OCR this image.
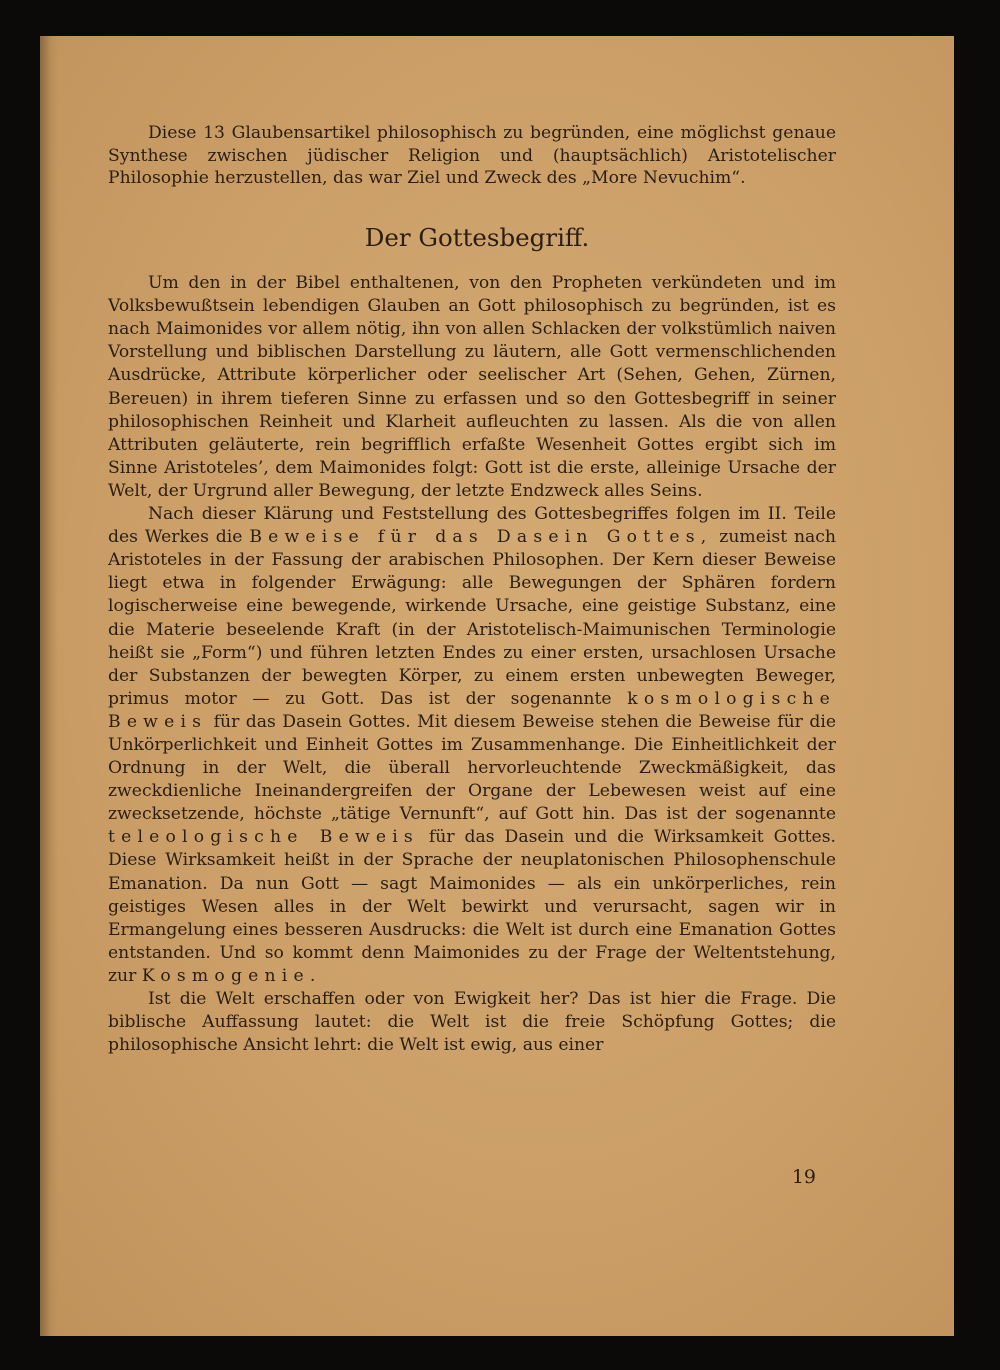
Diese 13 Glaubensartikel philosophisch zu begründen, eine möglichst genaue Synthese zwischen jüdischer Religion und (hauptsächlich) Aristotelischer Philosophie herzustellen, das war Ziel und Zweck des „More Nevuchim“.

Der Gottesbegriff.

Um den in der Bibel enthaltenen, von den Propheten verkündeten und im Volksbewußtsein lebendigen Glauben an Gott philosophisch zu begründen, ist es nach Maimonides vor allem nötig, ihn von allen Schlacken der volkstümlich naiven Vorstellung und biblischen Darstellung zu läutern, alle Gott vermenschlichenden Ausdrücke, Attribute körperlicher oder seelischer Art (Sehen, Gehen, Zürnen, Bereuen) in ihrem tieferen Sinne zu erfassen und so den Gottesbegriff in seiner philosophischen Reinheit und Klarheit aufleuchten zu lassen. Als die von allen Attributen geläuterte, rein begrifflich erfaßte Wesenheit Gottes ergibt sich im Sinne Aristoteles’, dem Maimonides folgt: Gott ist die erste, alleinige Ursache der Welt, der Urgrund aller Bewegung, der letzte Endzweck alles Seins.

Nach dieser Klärung und Feststellung des Gottesbegriffes folgen im II. Teile des Werkes die Beweise für das Dasein Gottes, zumeist nach Aristoteles in der Fassung der arabischen Philosophen. Der Kern dieser Beweise liegt etwa in folgender Erwägung: alle Bewegungen der Sphären fordern logischerweise eine bewegende, wirkende Ursache, eine geistige Substanz, eine die Materie beseelende Kraft (in der Aristotelisch-Maimunischen Terminologie heißt sie „Form“) und führen letzten Endes zu einer ersten, ursachlosen Ursache der Substanzen der bewegten Körper, zu einem ersten unbewegten Beweger, primus motor — zu Gott. Das ist der sogenannte kosmologische Beweis für das Dasein Gottes. Mit diesem Beweise stehen die Beweise für die Unkörperlichkeit und Einheit Gottes im Zusammenhange. Die Einheitlichkeit der Ordnung in der Welt, die überall hervorleuchtende Zweckmäßigkeit, das zweckdienliche Ineinandergreifen der Organe der Lebewesen weist auf eine zwecksetzende, höchste „tätige Vernunft“, auf Gott hin. Das ist der sogenannte teleologische Beweis für das Dasein und die Wirksamkeit Gottes. Diese Wirksamkeit heißt in der Sprache der neuplatonischen Philosophenschule Emanation. Da nun Gott — sagt Maimonides — als ein unkörperliches, rein geistiges Wesen alles in der Welt bewirkt und verursacht, sagen wir in Ermangelung eines besseren Ausdrucks: die Welt ist durch eine Emanation Gottes entstanden. Und so kommt denn Maimonides zu der Frage der Weltentstehung, zur Kosmogenie.

Ist die Welt erschaffen oder von Ewigkeit her? Das ist hier die Frage. Die biblische Auffassung lautet: die Welt ist die freie Schöpfung Gottes; die philosophische Ansicht lehrt: die Welt ist ewig, aus einer

19
